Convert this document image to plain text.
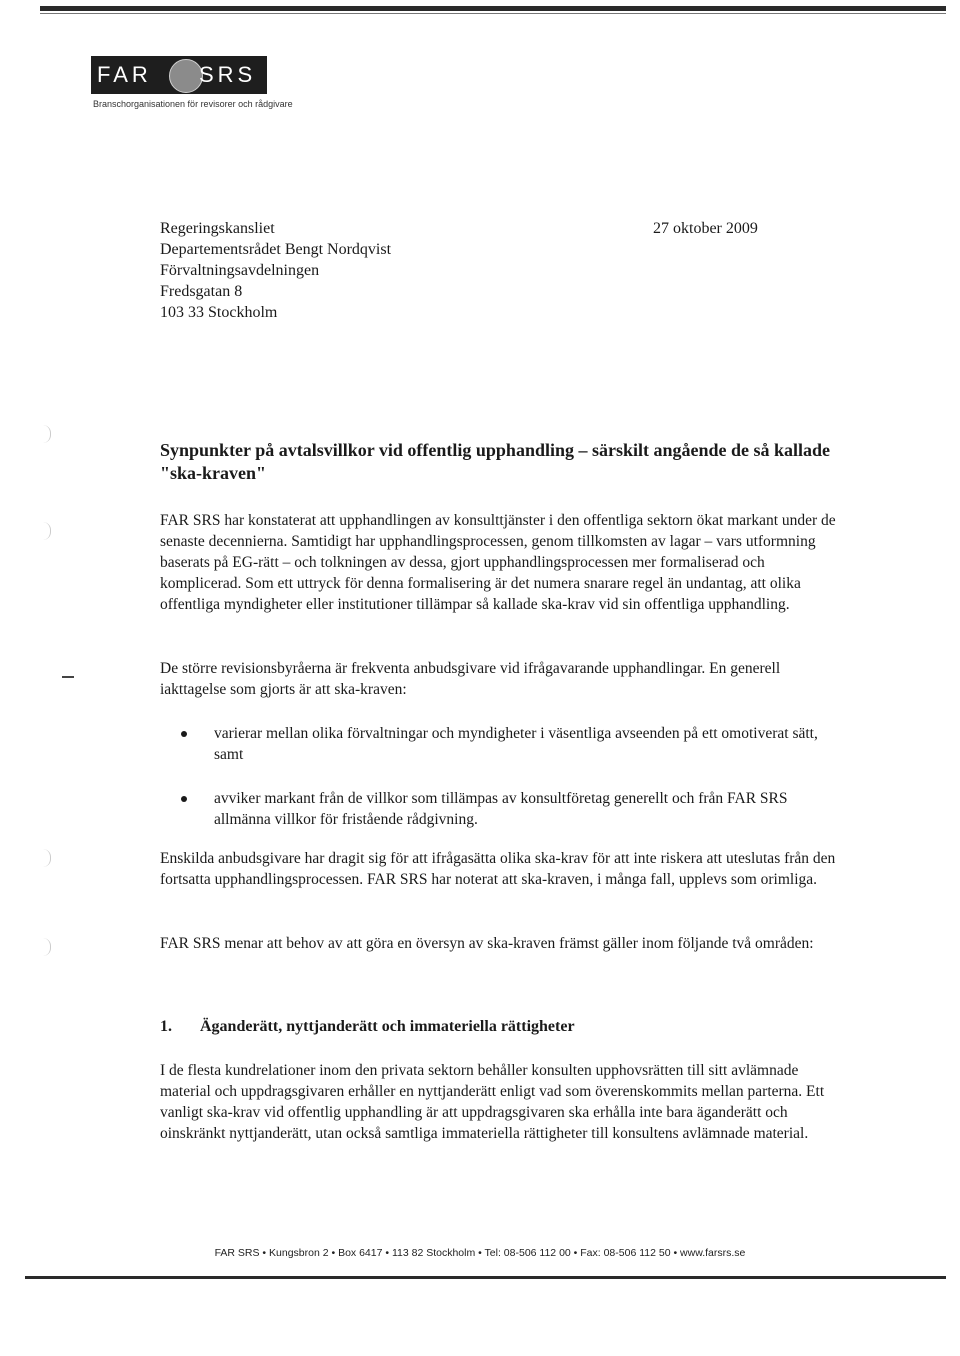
FAR SRS
Branschorganisationen för revisorer och rådgivare
Regeringskansliet
Departementsrådet Bengt Nordqvist
Förvaltningsavdelningen
Fredsgatan 8
103 33 Stockholm
27 oktober 2009
Synpunkter på avtalsvillkor vid offentlig upphandling – särskilt angående de så kallade "ska-kraven"
FAR SRS har konstaterat att upphandlingen av konsulttjänster i den offentliga sektorn ökat markant under de senaste decennierna. Samtidigt har upphandlingsprocessen, genom tillkomsten av lagar – vars utformning baserats på EG-rätt – och tolkningen av dessa, gjort upphandlingsprocessen mer formaliserad och komplicerad. Som ett uttryck för denna formalisering är det numera snarare regel än undantag, att olika offentliga myndigheter eller institutioner tillämpar så kallade ska-krav vid sin offentliga upphandling.
De större revisionsbyråerna är frekventa anbudsgivare vid ifrågavarande upphandlingar. En generell iakttagelse som gjorts är att ska-kraven:
varierar mellan olika förvaltningar och myndigheter i väsentliga avseenden på ett omotiverat sätt, samt
avviker markant från de villkor som tillämpas av konsultföretag generellt och från FAR SRS allmänna villkor för fristående rådgivning.
Enskilda anbudsgivare har dragit sig för att ifrågasätta olika ska-krav för att inte riskera att uteslutas från den fortsatta upphandlingsprocessen. FAR SRS har noterat att ska-kraven, i många fall, upplevs som orimliga.
FAR SRS menar att behov av att göra en översyn av ska-kraven främst gäller inom följande två områden:
1. Äganderätt, nyttjanderätt och immateriella rättigheter
I de flesta kundrelationer inom den privata sektorn behåller konsulten upphovsrätten till sitt avlämnade material och uppdragsgivaren erhåller en nyttjanderätt enligt vad som överenskommits mellan parterna. Ett vanligt ska-krav vid offentlig upphandling är att uppdragsgivaren ska erhålla inte bara äganderätt och oinskränkt nyttjanderätt, utan också samtliga immateriella rättigheter till konsultens avlämnade material.
FAR SRS • Kungsbron 2 • Box 6417 • 113 82 Stockholm • Tel: 08-506 112 00 • Fax: 08-506 112 50 • www.farsrs.se
